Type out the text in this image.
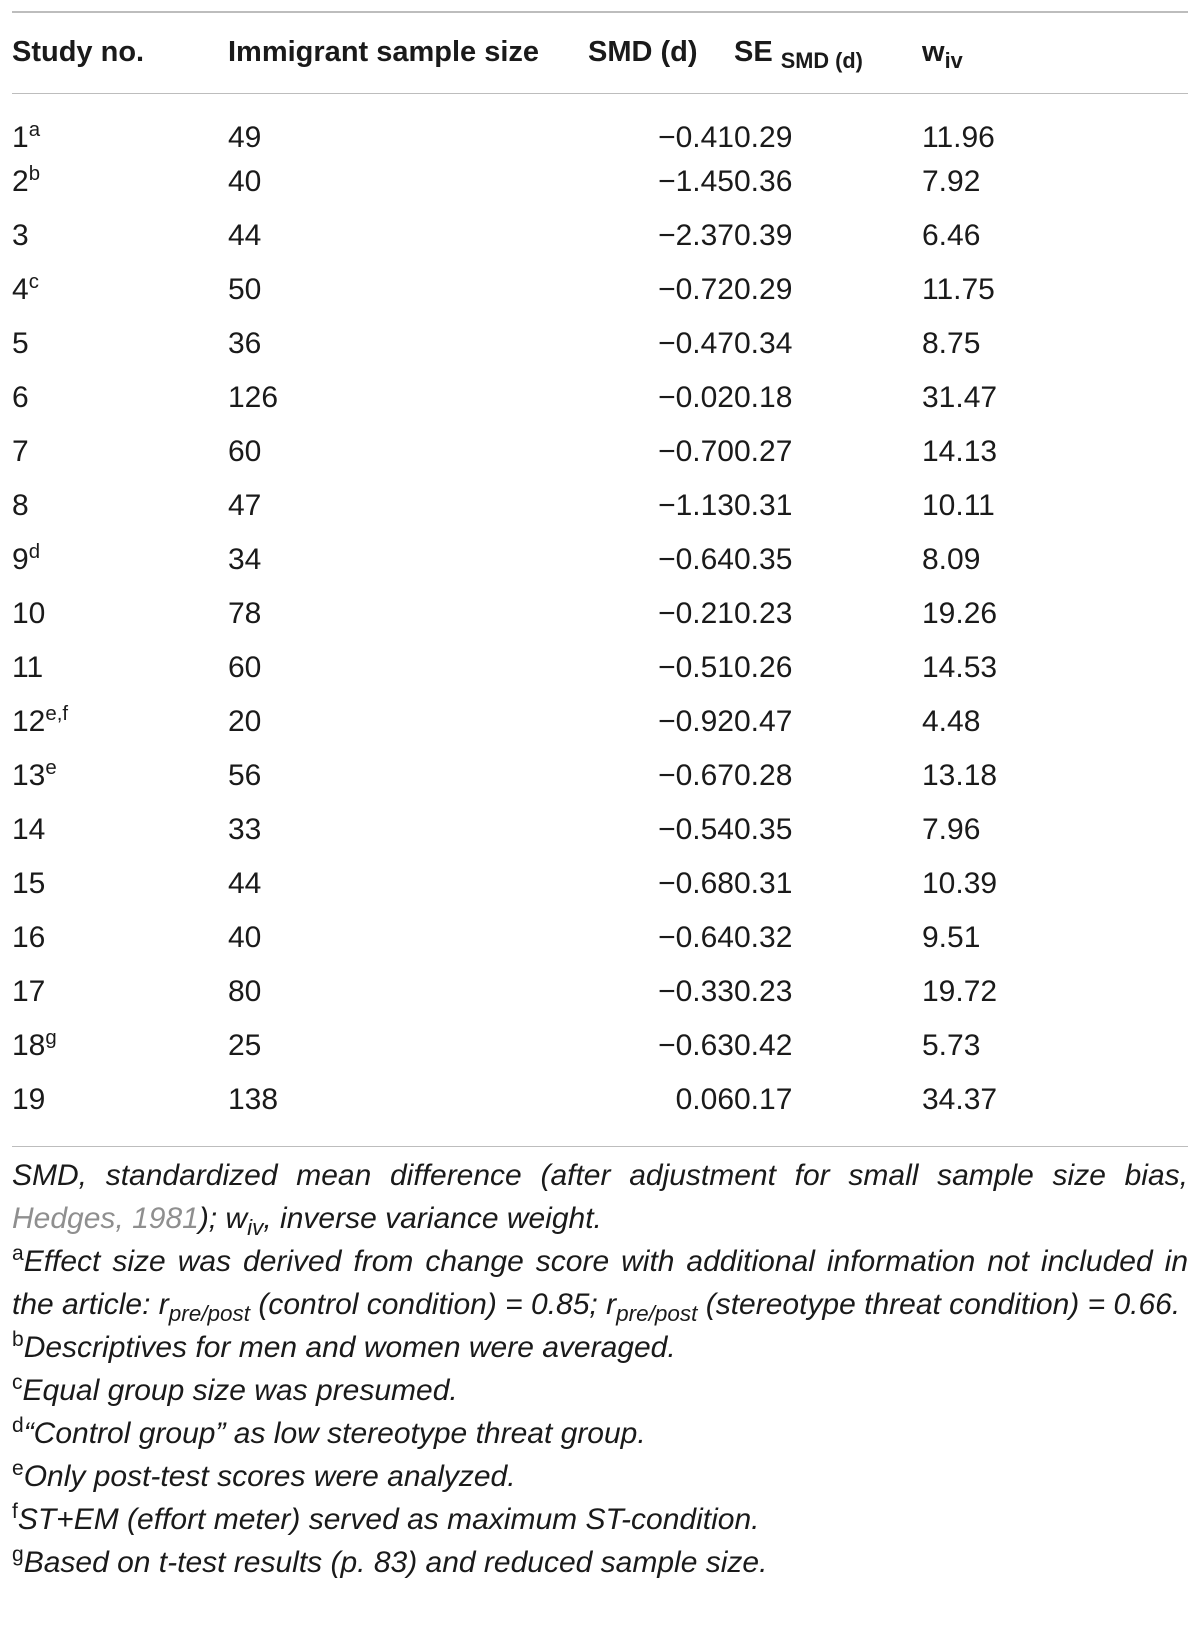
Study no.	Immigrant sample size	SMD (d)	SE $_{SMD (d)}$	$w_{iv}$
1$^a$	49	−0.41	0.29	11.96
2$^b$	40	−1.45	0.36	7.92
3	44	−2.37	0.39	6.46
4$^c$	50	−0.72	0.29	11.75
5	36	−0.47	0.34	8.75
6	126	−0.02	0.18	31.47
7	60	−0.70	0.27	14.13
8	47	−1.13	0.31	10.11
9$^d$	34	−0.64	0.35	8.09
10	78	−0.21	0.23	19.26
11	60	−0.51	0.26	14.53
12$^{e,f}$	20	−0.92	0.47	4.48
13e	56	−0.67	0.28	13.18
14	33	−0.54	0.35	7.96
15	44	−0.68	0.31	10.39
16	40	−0.64	0.32	9.51
17	80	−0.33	0.23	19.72
18$^g$	25	−0.63	0.42	5.73
19	138	0.06	0.17	34.37

SMD, standardized mean difference (after adjustment for small sample size bias, Hedges, 1981); $w_{iv}$, inverse variance weight.

$^a$Effect size was derived from change score with additional information not included in the article: $r_{pre/post}$ (control condition) = 0.85; $r_{pre/post}$ (stereotype threat condition) = 0.66.

$^b$Descriptives for men and women were averaged.

$^c$Equal group size was presumed.

$^d$“Control group” as low stereotype threat group.

$^e$Only post-test scores were analyzed.

$^f$ST+EM (effort meter) served as maximum ST-condition.

$^g$Based on t-test results (p. 83) and reduced sample size.
